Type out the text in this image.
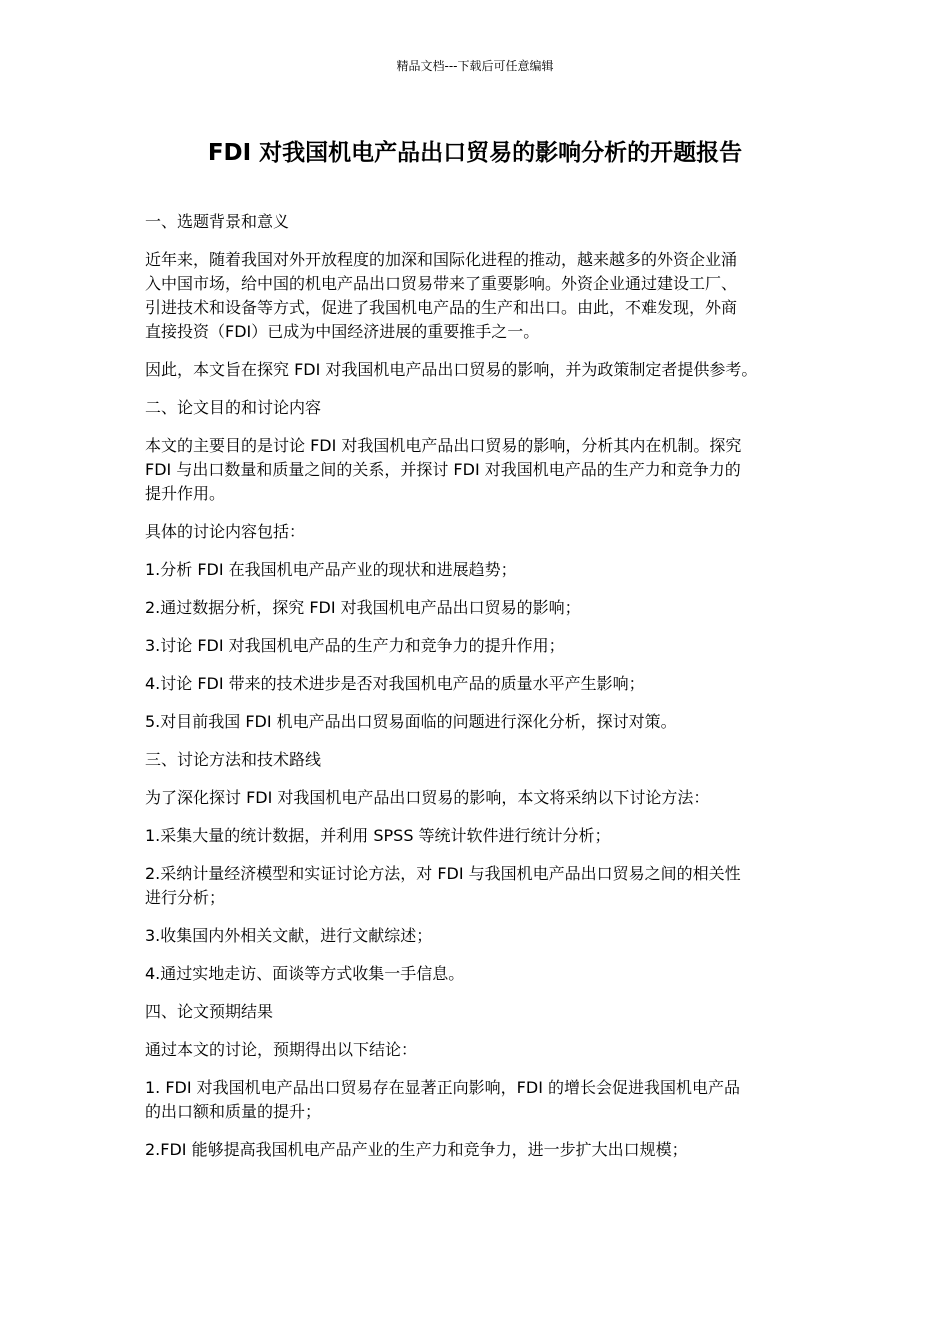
精品文档---下载后可任意编辑
FDI 对我国机电产品出口贸易的影响分析的开题报告

一、选题背景和意义

近年来，随着我国对外开放程度的加深和国际化进程的推动，越来越多的外资企业涌
入中国市场，给中国的机电产品出口贸易带来了重要影响。外资企业通过建设工厂、
引进技术和设备等方式，促进了我国机电产品的生产和出口。由此，不难发现，外商
直接投资（FDI）已成为中国经济进展的重要推手之一。

因此，本文旨在探究 FDI 对我国机电产品出口贸易的影响，并为政策制定者提供参考。

二、论文目的和讨论内容

本文的主要目的是讨论 FDI 对我国机电产品出口贸易的影响，分析其内在机制。探究
FDI 与出口数量和质量之间的关系，并探讨 FDI 对我国机电产品的生产力和竞争力的
提升作用。

具体的讨论内容包括：

1.分析 FDI 在我国机电产品产业的现状和进展趋势；

2.通过数据分析，探究 FDI 对我国机电产品出口贸易的影响；

3.讨论 FDI 对我国机电产品的生产力和竞争力的提升作用；

4.讨论 FDI 带来的技术进步是否对我国机电产品的质量水平产生影响；

5.对目前我国 FDI 机电产品出口贸易面临的问题进行深化分析，探讨对策。

三、讨论方法和技术路线

为了深化探讨 FDI 对我国机电产品出口贸易的影响，本文将采纳以下讨论方法：

1.采集大量的统计数据，并利用 SPSS 等统计软件进行统计分析；

2.采纳计量经济模型和实证讨论方法，对 FDI 与我国机电产品出口贸易之间的相关性
进行分析；

3.收集国内外相关文献，进行文献综述；

4.通过实地走访、面谈等方式收集一手信息。

四、论文预期结果

通过本文的讨论，预期得出以下结论：

1. FDI 对我国机电产品出口贸易存在显著正向影响，FDI 的增长会促进我国机电产品
的出口额和质量的提升；

2.FDI 能够提高我国机电产品产业的生产力和竞争力，进一步扩大出口规模；
